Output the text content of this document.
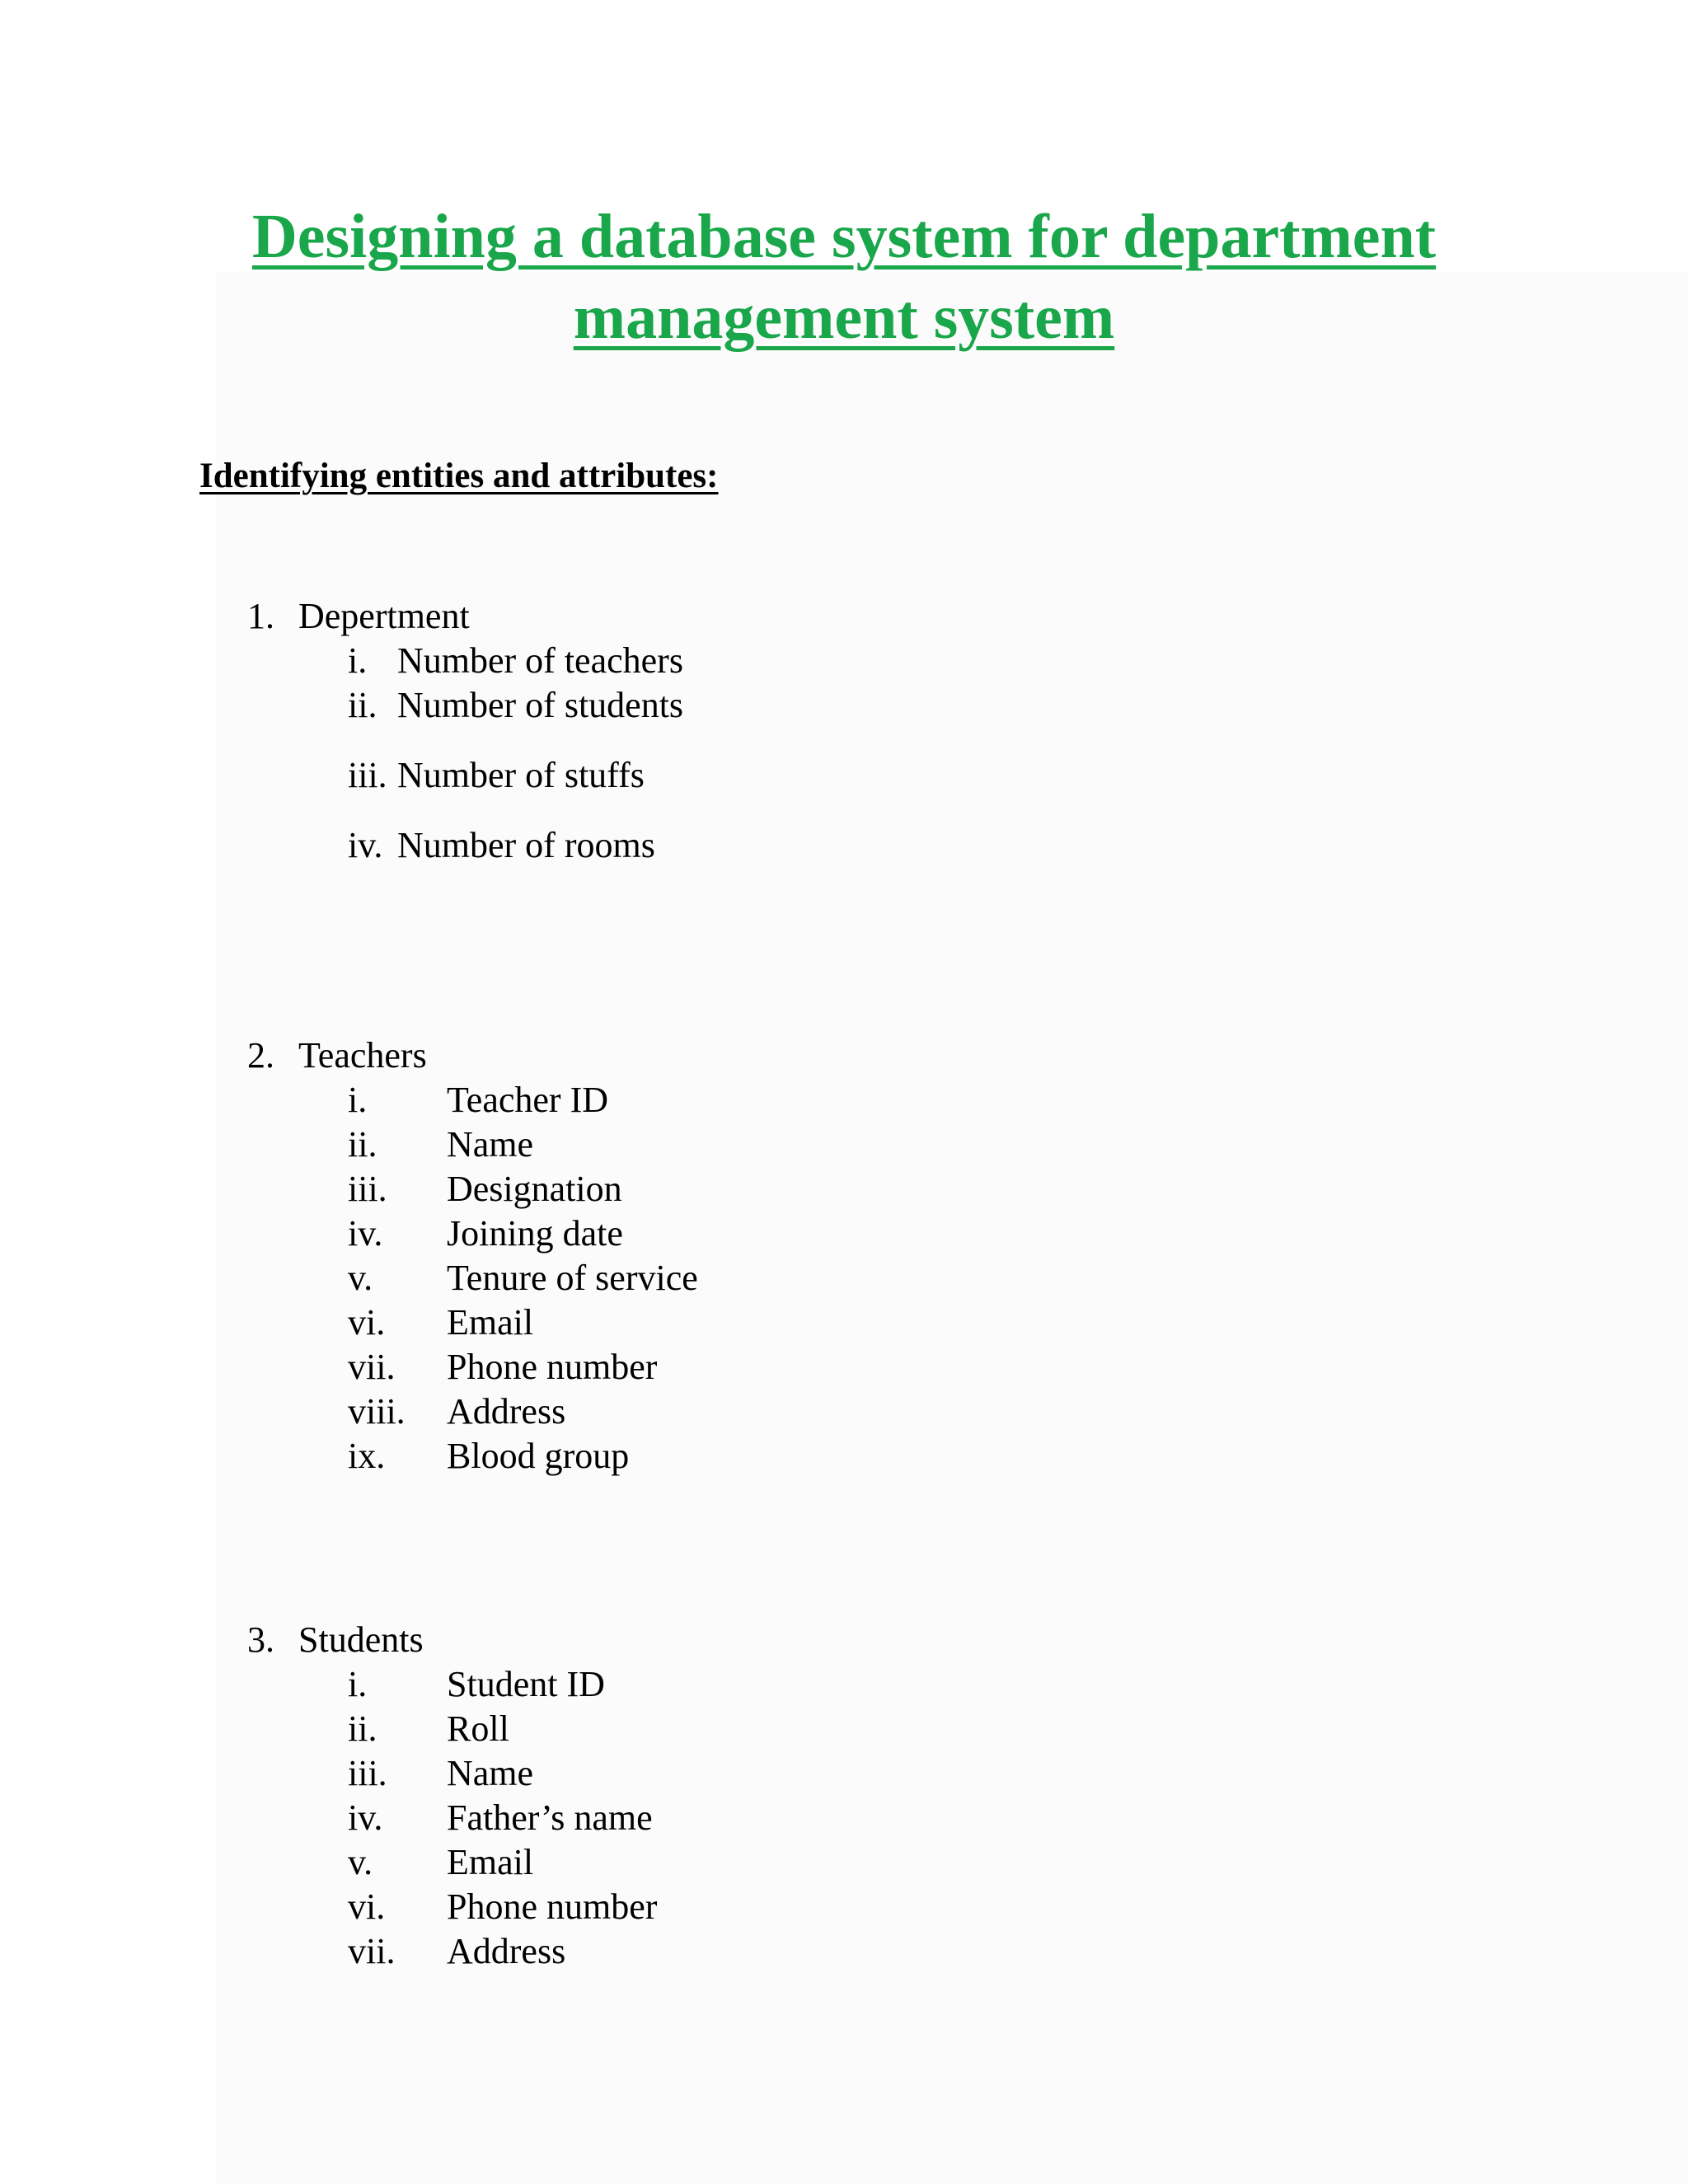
Designing a database system for department
management system
Identifying entities and attributes:
1. Depertment
i. Number of teachers
ii. Number of students
iii. Number of stuffs
iv. Number of rooms
2. Teachers
i. Teacher ID
ii. Name
iii. Designation
iv. Joining date
v. Tenure of service
vi. Email
vii. Phone number
viii. Address
ix. Blood group
3. Students
i. Student ID
ii. Roll
iii. Name
iv. Father’s name
v. Email
vi. Phone number
vii. Address
